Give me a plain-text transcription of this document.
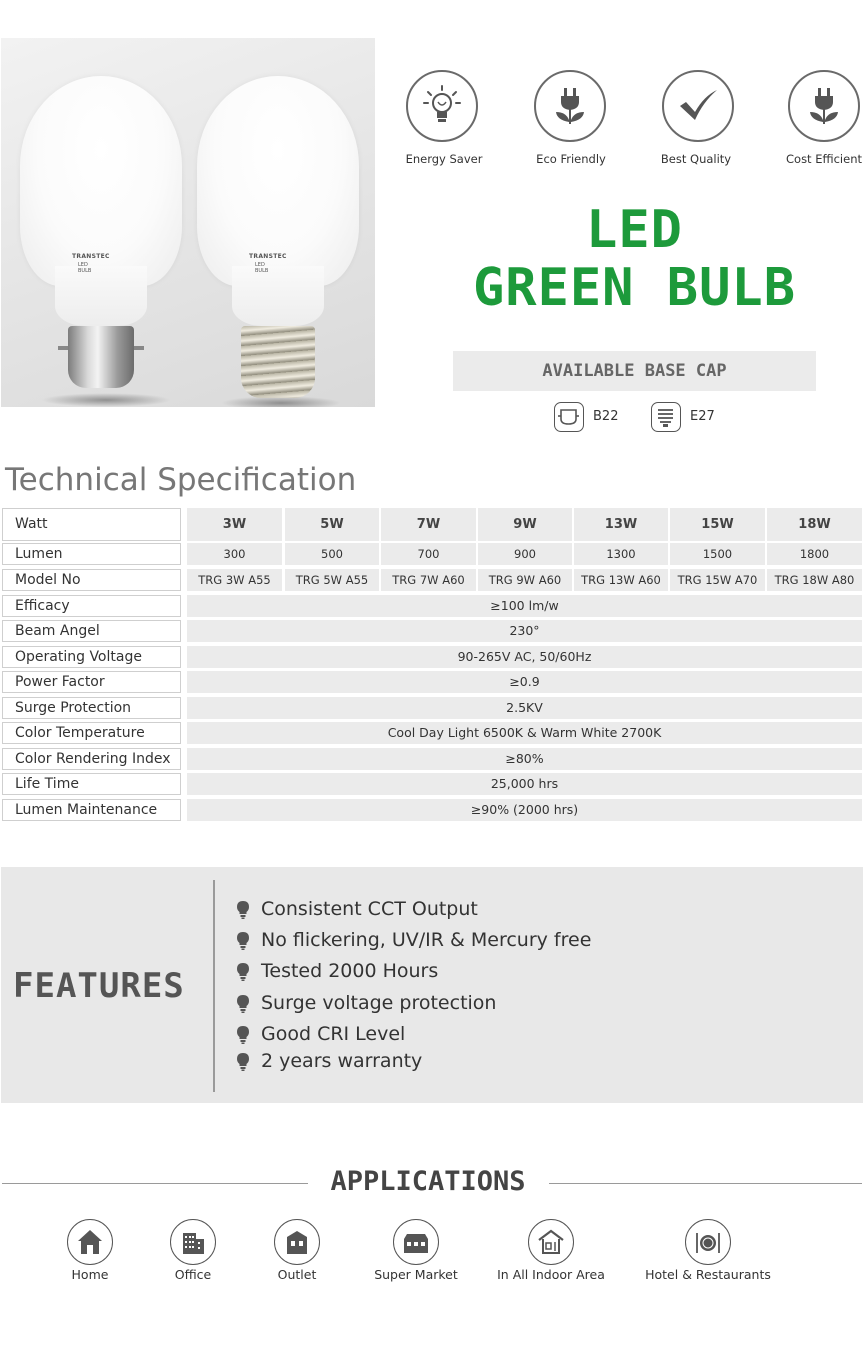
TRANSTEC
LED BULB
TRANSTEC
LED BULB
Energy Saver	Eco Friendly	Best Quality	Cost Efficient
LED
GREEN BULB
AVAILABLE BASE CAP
B22	E27
Technical Specification
Watt	3W	5W	7W	9W	13W	15W	18W
Lumen	300	500	700	900	1300	1500	1800
Model No	TRG 3W A55	TRG 5W A55	TRG 7W A60	TRG 9W A60	TRG 13W A60	TRG 15W A70	TRG 18W A80
Efficacy	≥100 lm/w
Beam Angel	230°
Operating Voltage	90-265V AC, 50/60Hz
Power Factor	≥0.9
Surge Protection	2.5KV
Color Temperature	Cool Day Light 6500K & Warm White 2700K
Color Rendering Index	≥80%
Life Time	25,000 hrs
Lumen Maintenance	≥90% (2000 hrs)
FEATURES
Consistent CCT Output
No flickering, UV/IR & Mercury free
Tested 2000 Hours
Surge voltage protection
Good CRI Level
2 years warranty
APPLICATIONS
Home	Office	Outlet	Super Market	In All Indoor Area	Hotel & Restaurants
